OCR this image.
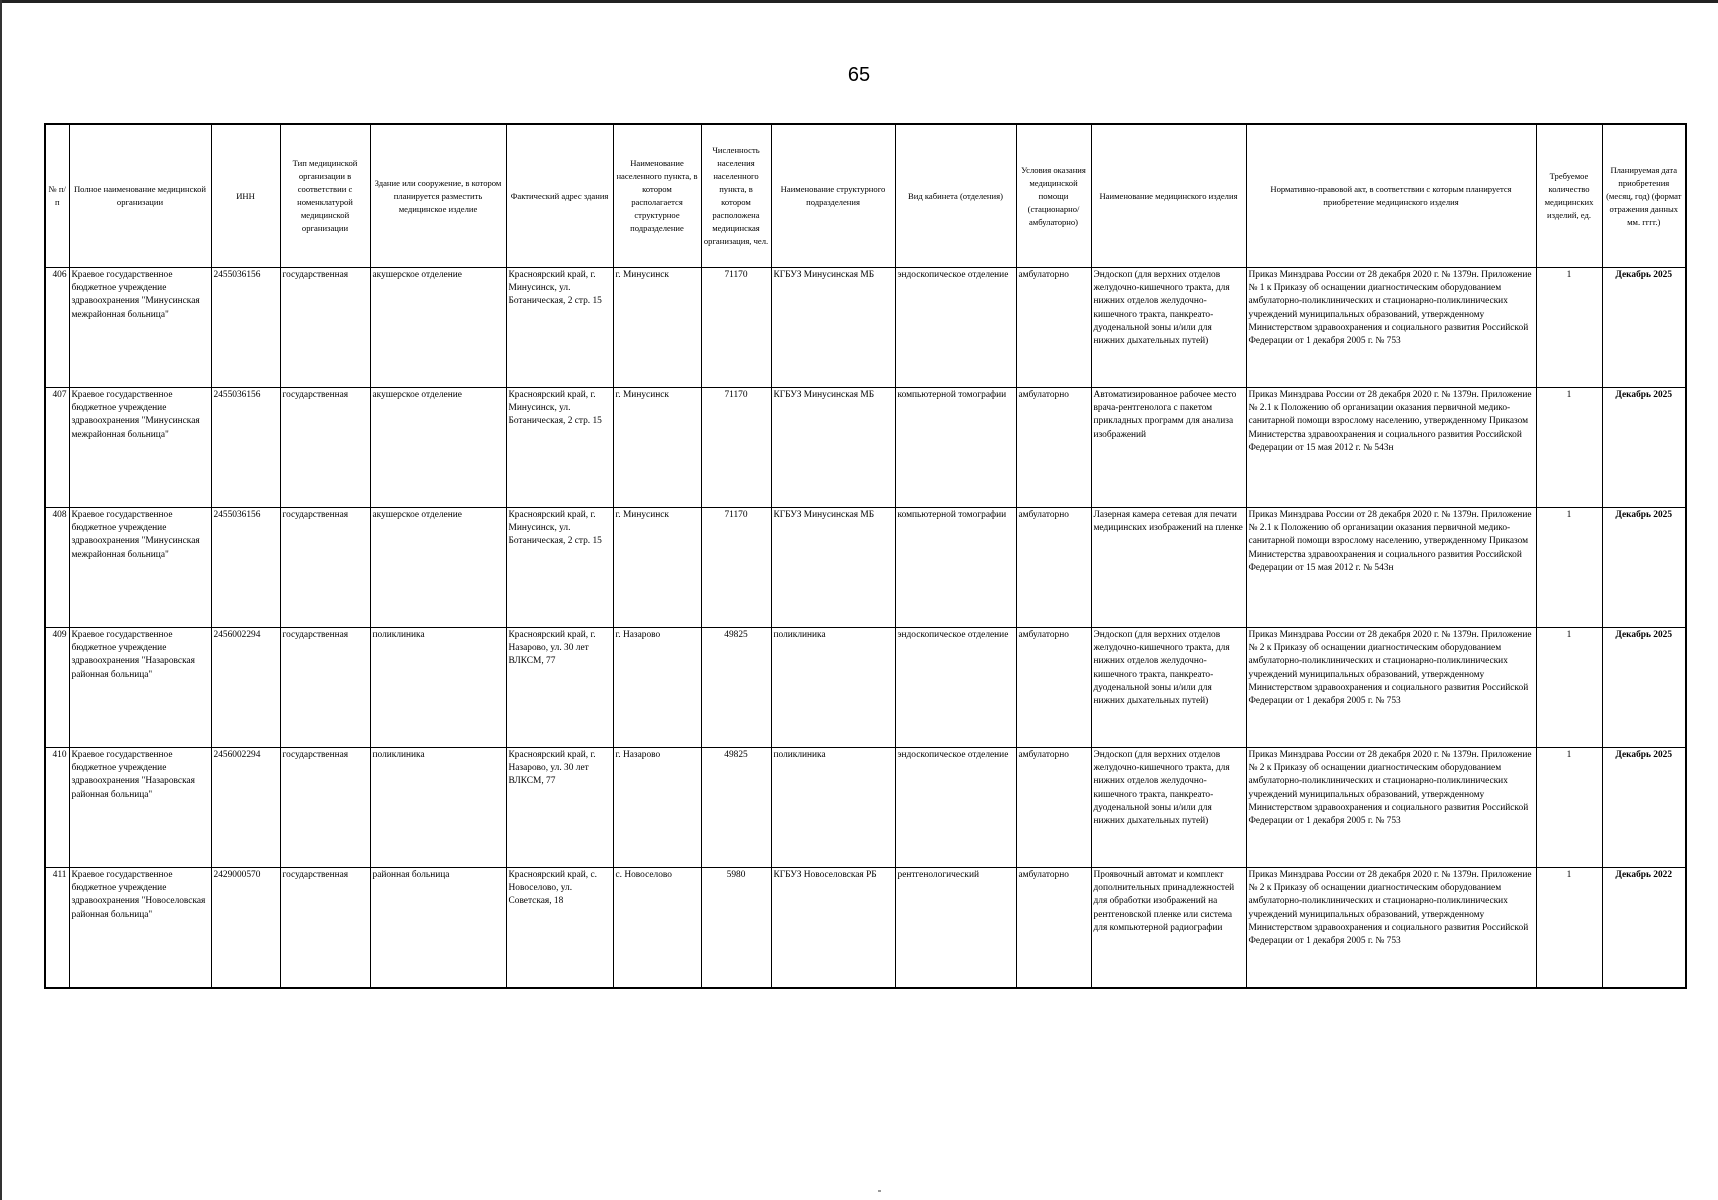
65
№ п/п	Полное наименование медицинской организации	ИНН	Тип медицинской организации в соответствии с номенклатурой медицинской организации	Здание или сооружение, в котором планируется разместить медицинское изделие	Фактический адрес здания	Наименование населенного пункта, в котором располагается структурное подразделение	Численность населения населенного пункта, в котором расположена медицинская организация, чел.	Наименование структурного подразделения	Вид кабинета (отделения)	Условия оказания медицинской помощи (стационарно/ амбулаторно)	Наименование медицинского изделия	Нормативно-правовой акт, в соответствии с которым планируется приобретение медицинского изделия	Требуемое количество медицинских изделий, ед.	Планируемая дата приобретения (месяц, год) (формат отражения данных мм. гггг.)
406	Краевое государственное бюджетное учреждение здравоохранения "Минусинская межрайонная больница"	2455036156	государственная	акушерское отделение	Красноярский край, г. Минусинск, ул. Ботаническая, 2 стр. 15	г. Минусинск	71170	КГБУЗ Минусинская МБ	эндоскопическое отделение	амбулаторно	Эндоскоп (для верхних отделов желудочно-кишечного тракта, для нижних отделов желудочно-кишечного тракта, панкреато-дуоденальной зоны и/или для нижних дыхательных путей)	Приказ Минздрава России от 28 декабря 2020 г. № 1379н. Приложение № 1 к Приказу об оснащении диагностическим оборудованием амбулаторно-поликлинических и стационарно-поликлинических учреждений муниципальных образований, утвержденному Министерством здравоохранения и социального развития Российской Федерации от 1 декабря 2005 г. № 753	1	Декабрь 2025
407	Краевое государственное бюджетное учреждение здравоохранения "Минусинская межрайонная больница"	2455036156	государственная	акушерское отделение	Красноярский край, г. Минусинск, ул. Ботаническая, 2 стр. 15	г. Минусинск	71170	КГБУЗ Минусинская МБ	компьютерной томографии	амбулаторно	Автоматизированное рабочее место врача-рентгенолога с пакетом прикладных программ для анализа изображений	Приказ Минздрава России от 28 декабря 2020 г. № 1379н. Приложение № 2.1 к Положению об организации оказания первичной медико-санитарной помощи взрослому населению, утвержденному Приказом Министерства здравоохранения и социального развития Российской Федерации от 15 мая 2012 г. № 543н	1	Декабрь 2025
408	Краевое государственное бюджетное учреждение здравоохранения "Минусинская межрайонная больница"	2455036156	государственная	акушерское отделение	Красноярский край, г. Минусинск, ул. Ботаническая, 2 стр. 15	г. Минусинск	71170	КГБУЗ Минусинская МБ	компьютерной томографии	амбулаторно	Лазерная камера сетевая для печати медицинских изображений на пленке	Приказ Минздрава России от 28 декабря 2020 г. № 1379н. Приложение № 2.1 к Положению об организации оказания первичной медико-санитарной помощи взрослому населению, утвержденному Приказом Министерства здравоохранения и социального развития Российской Федерации от 15 мая 2012 г. № 543н	1	Декабрь 2025
409	Краевое государственное бюджетное учреждение здравоохранения "Назаровская районная больница"	2456002294	государственная	поликлиника	Красноярский край, г. Назарово, ул. 30 лет ВЛКСМ, 77	г. Назарово	49825	поликлиника	эндоскопическое отделение	амбулаторно	Эндоскоп (для верхних отделов желудочно-кишечного тракта, для нижних отделов желудочно-кишечного тракта, панкреато-дуоденальной зоны и/или для нижних дыхательных путей)	Приказ Минздрава России от 28 декабря 2020 г. № 1379н. Приложение № 2 к Приказу об оснащении диагностическим оборудованием амбулаторно-поликлинических и стационарно-поликлинических учреждений муниципальных образований, утвержденному Министерством здравоохранения и социального развития Российской Федерации от 1 декабря 2005 г. № 753	1	Декабрь 2025
410	Краевое государственное бюджетное учреждение здравоохранения "Назаровская районная больница"	2456002294	государственная	поликлиника	Красноярский край, г. Назарово, ул. 30 лет ВЛКСМ, 77	г. Назарово	49825	поликлиника	эндоскопическое отделение	амбулаторно	Эндоскоп (для верхних отделов желудочно-кишечного тракта, для нижних отделов желудочно-кишечного тракта, панкреато-дуоденальной зоны и/или для нижних дыхательных путей)	Приказ Минздрава России от 28 декабря 2020 г. № 1379н. Приложение № 2 к Приказу об оснащении диагностическим оборудованием амбулаторно-поликлинических и стационарно-поликлинических учреждений муниципальных образований, утвержденному Министерством здравоохранения и социального развития Российской Федерации от 1 декабря 2005 г. № 753	1	Декабрь 2025
411	Краевое государственное бюджетное учреждение здравоохранения "Новоселовская районная больница"	2429000570	государственная	районная больница	Красноярский край, с. Новоселово, ул. Советская, 18	с. Новоселово	5980	КГБУЗ Новоселовская РБ	рентгенологический	амбулаторно	Проявочный автомат и комплект дополнительных принадлежностей для обработки изображений на рентгеновской пленке или система для компьютерной радиографии	Приказ Минздрава России от 28 декабря 2020 г. № 1379н. Приложение № 2 к Приказу об оснащении диагностическим оборудованием амбулаторно-поликлинических и стационарно-поликлинических учреждений муниципальных образований, утвержденному Министерством здравоохранения и социального развития Российской Федерации от 1 декабря 2005 г. № 753	1	Декабрь 2022
